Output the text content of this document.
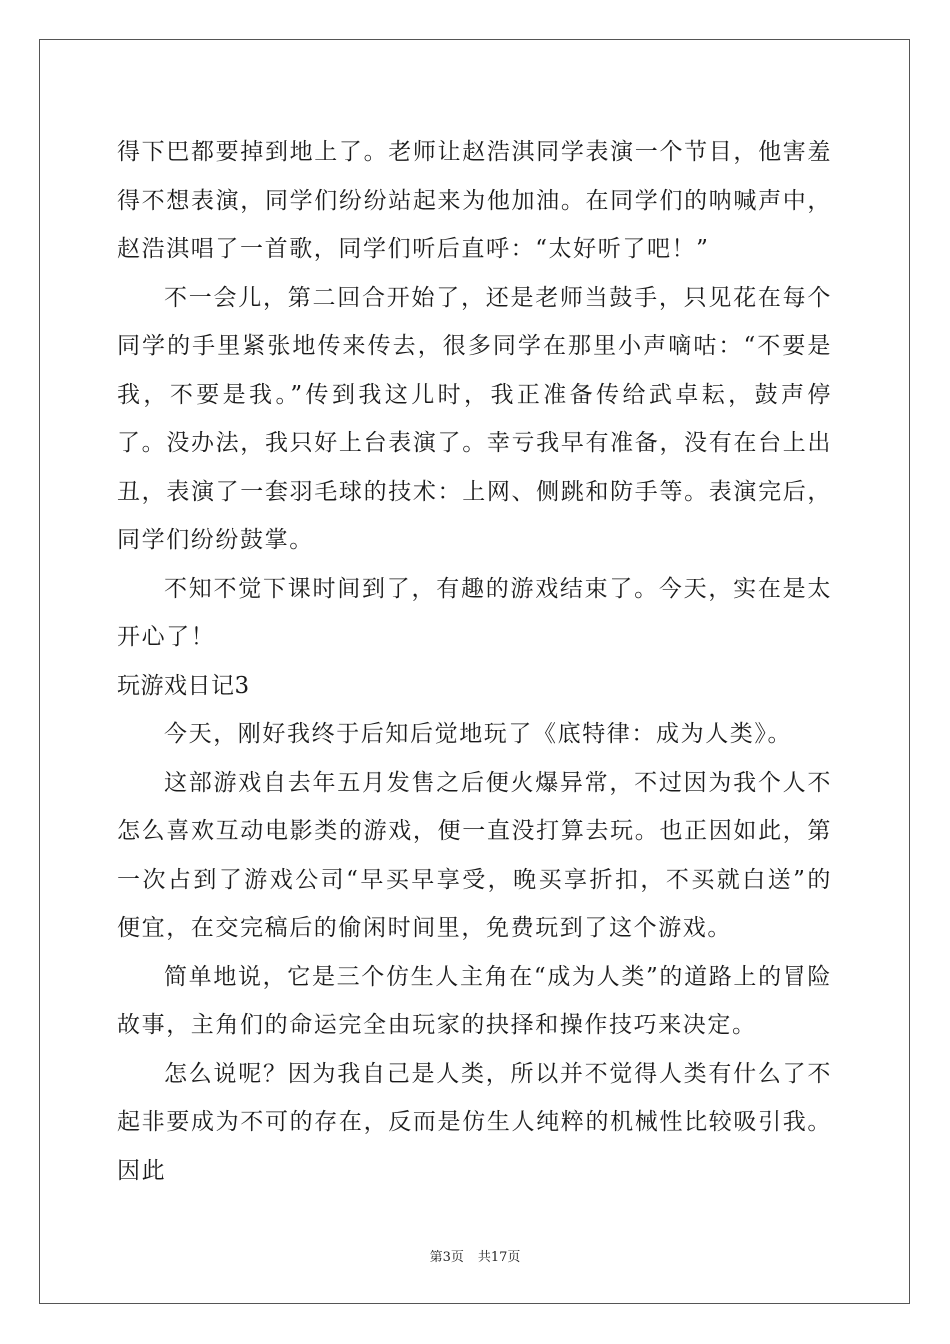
得下巴都要掉到地上了。老师让赵浩淇同学表演一个节目，他害羞得不想表演，同学们纷纷站起来为他加油。在同学们的呐喊声中，赵浩淇唱了一首歌，同学们听后直呼：“太好听了吧！”

不一会儿，第二回合开始了，还是老师当鼓手，只见花在每个同学的手里紧张地传来传去，很多同学在那里小声嘀咕：“不要是我，不要是我。”传到我这儿时，我正准备传给武卓耘，鼓声停了。没办法，我只好上台表演了。幸亏我早有准备，没有在台上出丑，表演了一套羽毛球的技术：上网、侧跳和防手等。表演完后，同学们纷纷鼓掌。

不知不觉下课时间到了，有趣的游戏结束了。今天，实在是太开心了！

玩游戏日记3

今天，刚好我终于后知后觉地玩了《底特律：成为人类》。

这部游戏自去年五月发售之后便火爆异常，不过因为我个人不怎么喜欢互动电影类的游戏，便一直没打算去玩。也正因如此，第一次占到了游戏公司“早买早享受，晚买享折扣，不买就白送”的便宜，在交完稿后的偷闲时间里，免费玩到了这个游戏。

简单地说，它是三个仿生人主角在“成为人类”的道路上的冒险故事，主角们的命运完全由玩家的抉择和操作技巧来决定。

怎么说呢？因为我自己是人类，所以并不觉得人类有什么了不起非要成为不可的存在，反而是仿生人纯粹的机械性比较吸引我。因此

第3页 共17页
